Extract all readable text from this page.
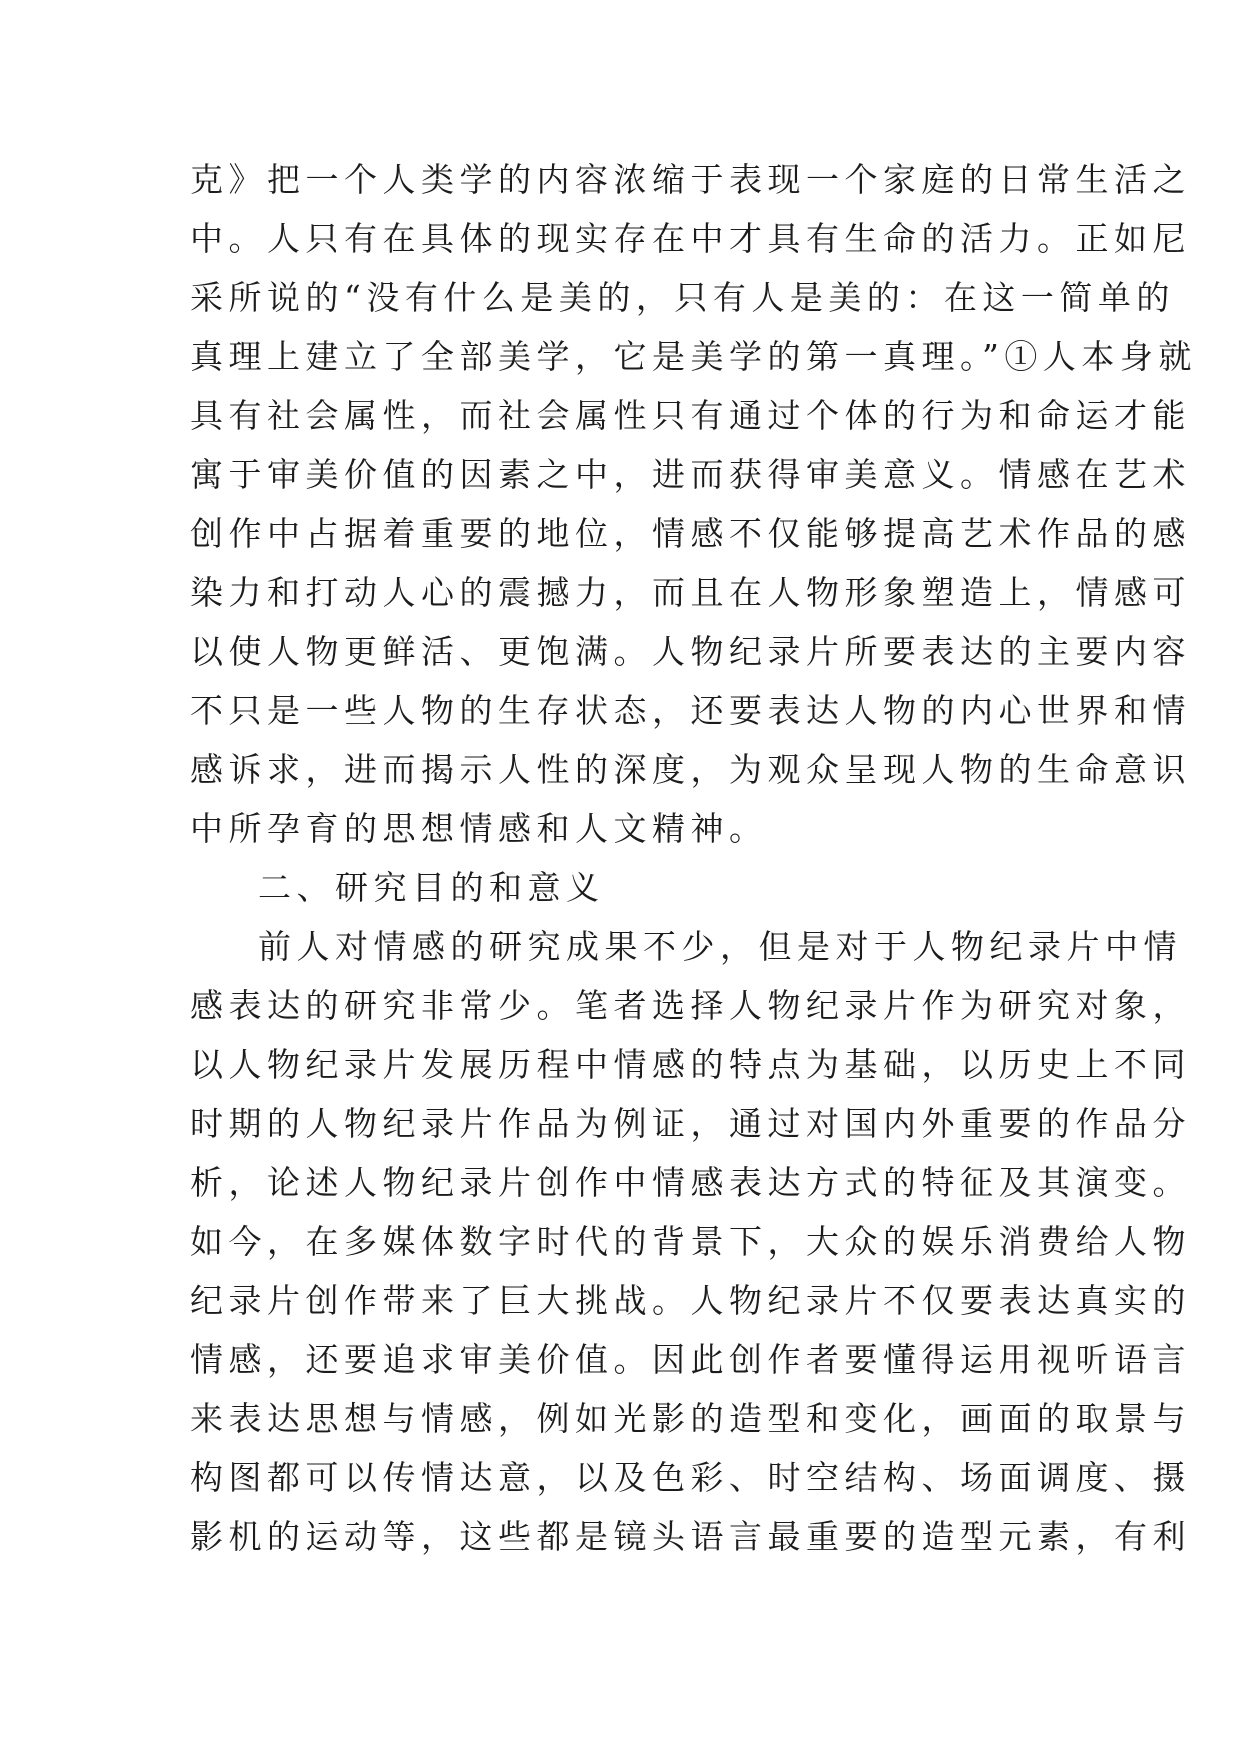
克》把一个人类学的内容浓缩于表现一个家庭的日常生活之
中。人只有在具体的现实存在中才具有生命的活力。正如尼
采所说的“没有什么是美的，只有人是美的：在这一简单的
真理上建立了全部美学，它是美学的第一真理。”①人本身就
具有社会属性，而社会属性只有通过个体的行为和命运才能
寓于审美价值的因素之中，进而获得审美意义。情感在艺术
创作中占据着重要的地位，情感不仅能够提高艺术作品的感
染力和打动人心的震撼力，而且在人物形象塑造上，情感可
以使人物更鲜活、更饱满。人物纪录片所要表达的主要内容
不只是一些人物的生存状态，还要表达人物的内心世界和情
感诉求，进而揭示人性的深度，为观众呈现人物的生命意识
中所孕育的思想情感和人文精神。
二、研究目的和意义
前人对情感的研究成果不少，但是对于人物纪录片中情
感表达的研究非常少。笔者选择人物纪录片作为研究对象，
以人物纪录片发展历程中情感的特点为基础，以历史上不同
时期的人物纪录片作品为例证，通过对国内外重要的作品分
析，论述人物纪录片创作中情感表达方式的特征及其演变。
如今，在多媒体数字时代的背景下，大众的娱乐消费给人物
纪录片创作带来了巨大挑战。人物纪录片不仅要表达真实的
情感，还要追求审美价值。因此创作者要懂得运用视听语言
来表达思想与情感，例如光影的造型和变化，画面的取景与
构图都可以传情达意，以及色彩、时空结构、场面调度、摄
影机的运动等，这些都是镜头语言最重要的造型元素，有利
